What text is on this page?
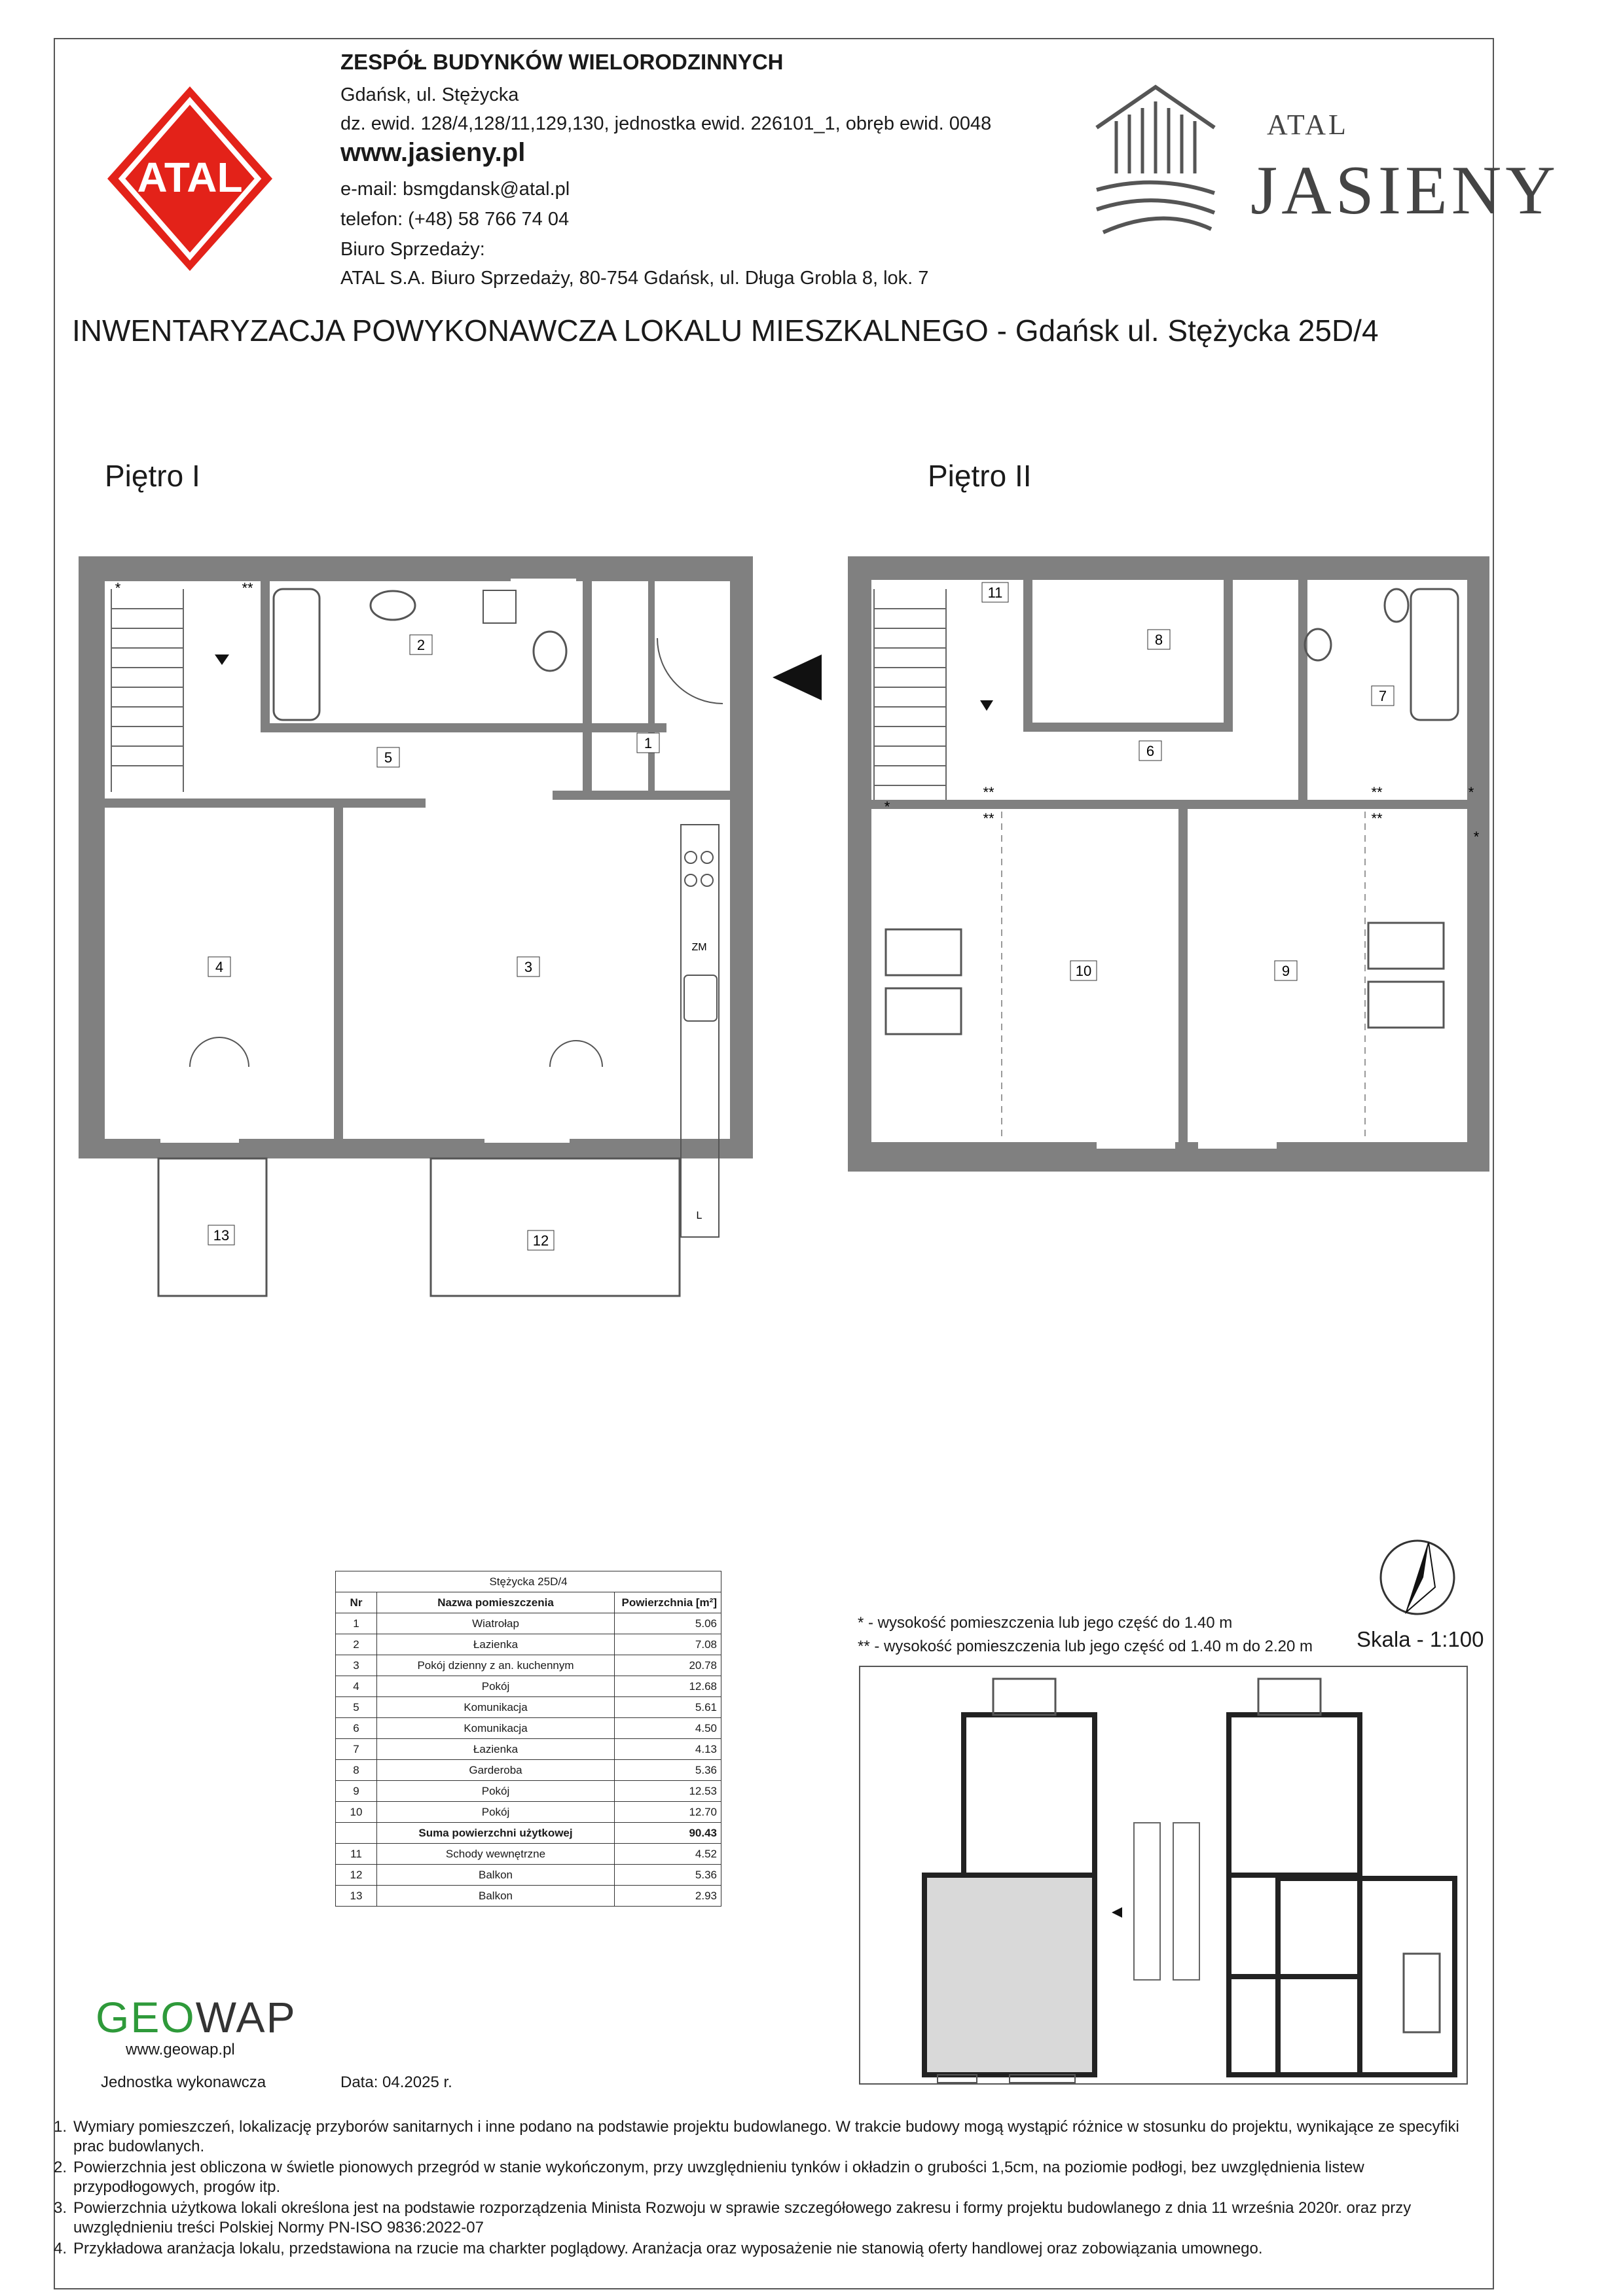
ATAL
ZESPÓŁ BUDYNKÓW WIELORODZINNYCH
Gdańsk, ul. Stężycka
dz. ewid. 128/4,128/11,129,130, jednostka ewid. 226101_1, obręb ewid. 0048
www.jasieny.pl
e-mail: bsmgdansk@atal.pl
telefon: (+48) 58 766 74 04
Biuro Sprzedaży:
ATAL S.A. Biuro Sprzedaży, 80-754 Gdańsk, ul. Długa Grobla 8, lok. 7
ATAL
JASIENY
INWENTARYZACJA POWYKONAWCZA LOKALU MIESZKALNEGO - Gdańsk ul. Stężycka 25D/4
Piętro I	Piętro II
2
1
5
4	3
13	12
*	**
ZM
L
11
8
7
6
10	9
*
**
**
**
**
*
*
Stężycka 25D/4		
Nr	Nazwa pomieszczenia	Powierzchnia [m²]
1	Wiatrołap	5.06
2	Łazienka	7.08
3	Pokój dzienny z an. kuchennym	20.78
4	Pokój	12.68
5	Komunikacja	5.61
6	Komunikacja	4.50
7	Łazienka	4.13
8	Garderoba	5.36
9	Pokój	12.53
10	Pokój	12.70
	Suma powierzchni użytkowej	90.43
11	Schody wewnętrzne	4.52
12	Balkon	5.36
13	Balkon	2.93
* - wysokość pomieszczenia lub jego część do 1.40 m
** - wysokość pomieszczenia lub jego część od 1.40 m do 2.20 m Skala - 1:100
GEOWAP
www.geowap.pl
Jednostka wykonawcza	Data: 04.2025 r.
1. Wymiary pomieszczeń, lokalizację przyborów sanitarnych i inne podano na podstawie projektu budowlanego. W trakcie budowy mogą wystąpić różnice w stosunku do projektu, wynikające ze specyfiki prac budowlanych.
2. Powierzchnia jest obliczona w świetle pionowych przegród w stanie wykończonym, przy uwzględnieniu tynków i okładzin o grubości 1,5cm, na poziomie podłogi, bez uwzględnienia listew przypodłogowych, progów itp.
3. Powierzchnia użytkowa lokali określona jest na podstawie rozporządzenia Minista Rozwoju w sprawie szczegółowego zakresu i formy projektu budowlanego z dnia 11 września 2020r. oraz przy uwzględnieniu treści Polskiej Normy PN-ISO 9836:2022-07
4. Przykładowa aranżacja lokalu, przedstawiona na rzucie ma charkter poglądowy. Aranżacja oraz wyposażenie nie stanowią oferty handlowej oraz zobowiązania umownego.
